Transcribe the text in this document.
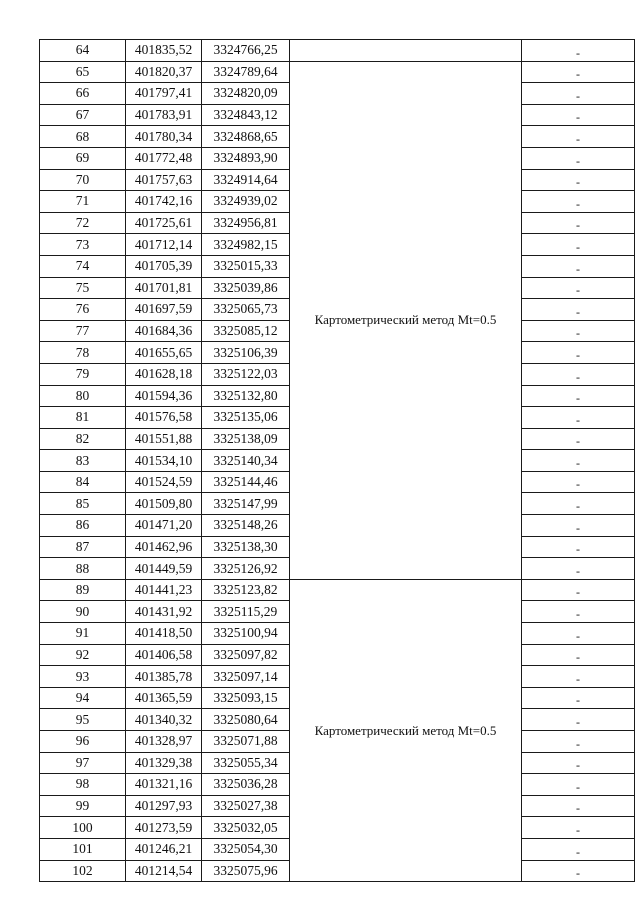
64	401835,52	3324766,25		-
65	401820,37	3324789,64	Картометрический метод Mt=0.5	-
66	401797,41	3324820,09		-
67	401783,91	3324843,12		-
68	401780,34	3324868,65		-
69	401772,48	3324893,90		-
70	401757,63	3324914,64		-
71	401742,16	3324939,02		-
72	401725,61	3324956,81		-
73	401712,14	3324982,15		-
74	401705,39	3325015,33		-
75	401701,81	3325039,86		-
76	401697,59	3325065,73		-
77	401684,36	3325085,12		-
78	401655,65	3325106,39		-
79	401628,18	3325122,03		-
80	401594,36	3325132,80		-
81	401576,58	3325135,06		-
82	401551,88	3325138,09		-
83	401534,10	3325140,34		-
84	401524,59	3325144,46		-
85	401509,80	3325147,99		-
86	401471,20	3325148,26		-
87	401462,96	3325138,30		-
88	401449,59	3325126,92		-
89	401441,23	3325123,82	Картометрический метод Mt=0.5	-
90	401431,92	3325115,29		-
91	401418,50	3325100,94		-
92	401406,58	3325097,82		-
93	401385,78	3325097,14		-
94	401365,59	3325093,15		-
95	401340,32	3325080,64		-
96	401328,97	3325071,88		-
97	401329,38	3325055,34		-
98	401321,16	3325036,28		-
99	401297,93	3325027,38		-
100	401273,59	3325032,05		-
101	401246,21	3325054,30		-
102	401214,54	3325075,96		-
